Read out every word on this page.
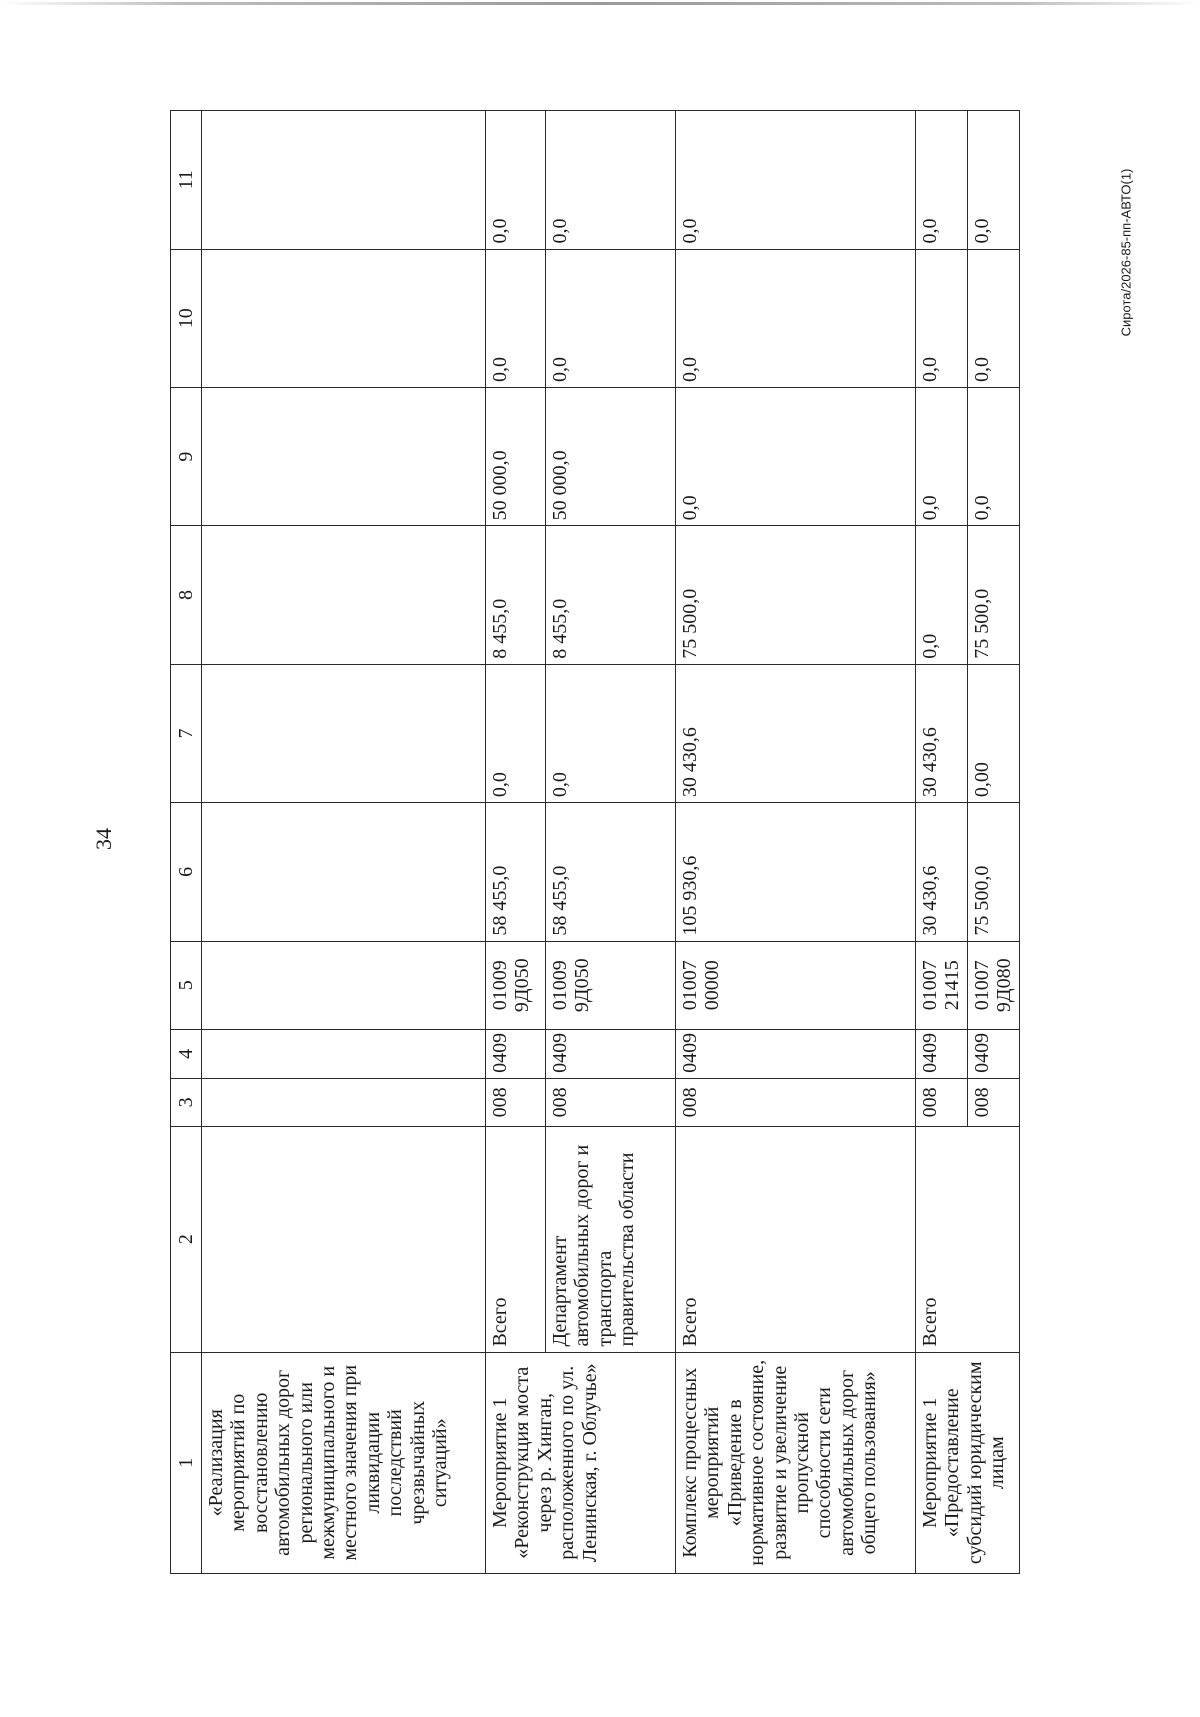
34
1	2	3	4	5	6	7	8	9	10	11
«Реализация мероприятий по восстановлению автомобильных дорог регионального или межмуниципального и местного значения при ликвидации последствий чрезвычайных ситуаций»										
Мероприятие 1 «Реконструкция моста через р. Хинган, расположенного по ул. Ленинская, г. Облучье»	Всего	008	0409	01009 9Д050	58 455,0	0,0	8 455,0	50 000,0	0,0	0,0
	Департамент автомобильных дорог и транспорта правительства области	008	0409	01009 9Д050	58 455,0	0,0	8 455,0	50 000,0	0,0	0,0
Комплекс процессных мероприятий «Приведение в нормативное состояние, развитие и увеличение пропускной способности сети автомобильных дорог общего пользования»	Всего	008	0409	01007 00000	105 930,6	30 430,6	75 500,0	0,0	0,0	0,0
Мероприятие 1 «Предоставление субсидий юридическим лицам	Всего	008	0409	01007 21415	30 430,6	30 430,6	0,0	0,0	0,0	0,0
		008	0409	01007 9Д080	75 500,0	0,00	75 500,0	0,0	0,0	0,0	Сирота/2026-85-пп-АВТО(1)
